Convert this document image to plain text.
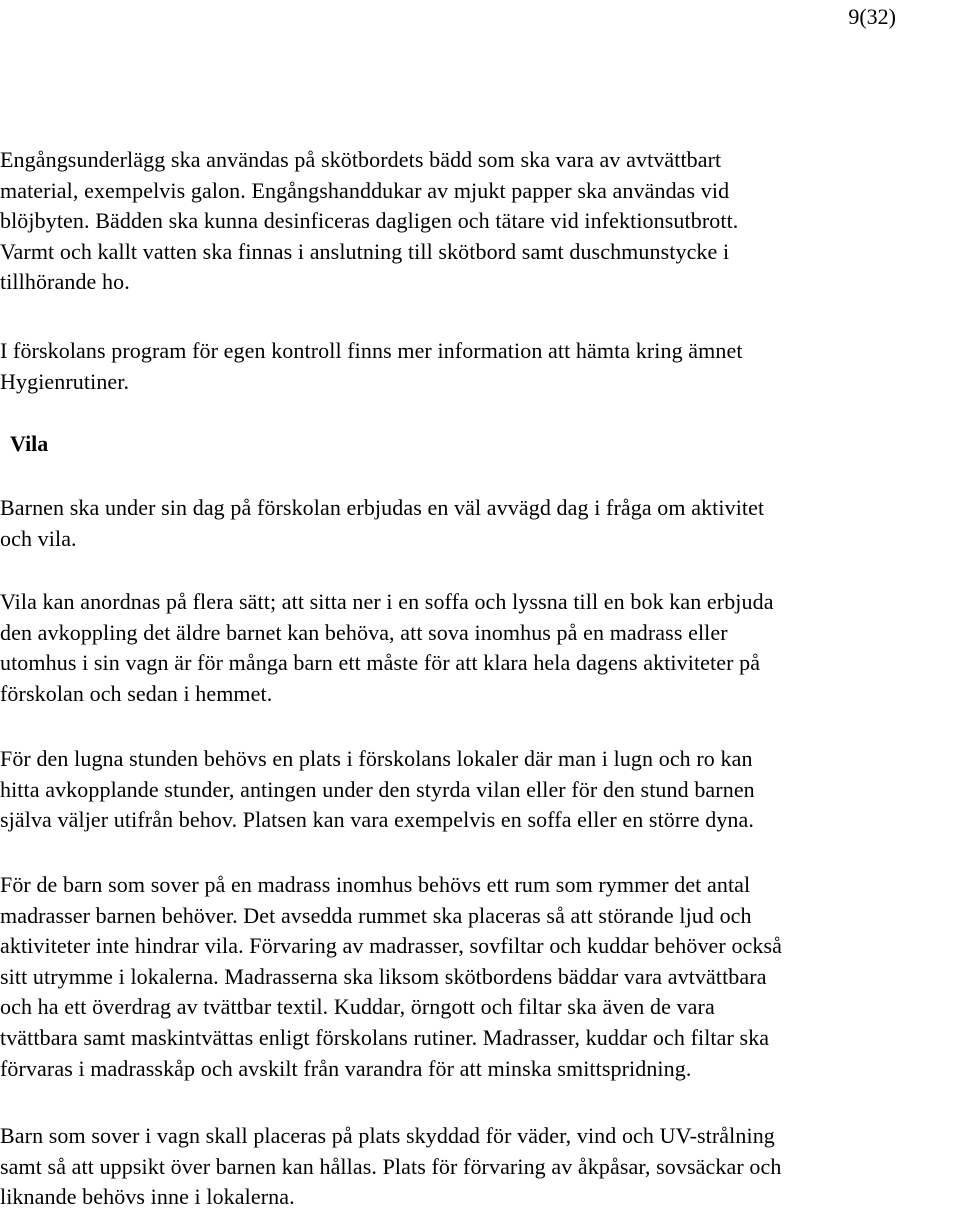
9(32)
Engångsunderlägg ska användas på skötbordets bädd som ska vara av avtvättbart
material, exempelvis galon. Engångshanddukar av mjukt papper ska användas vid
blöjbyten. Bädden ska kunna desinficeras dagligen och tätare vid infektionsutbrott.
Varmt och kallt vatten ska finnas i anslutning till skötbord samt duschmunstycke i
tillhörande ho.
I förskolans program för egen kontroll finns mer information att hämta kring ämnet
Hygienrutiner.
Vila
Barnen ska under sin dag på förskolan erbjudas en väl avvägd dag i fråga om aktivitet
och vila.
Vila kan anordnas på flera sätt; att sitta ner i en soffa och lyssna till en bok kan erbjuda
den avkoppling det äldre barnet kan behöva, att sova inomhus på en madrass eller
utomhus i sin vagn är för många barn ett måste för att klara hela dagens aktiviteter på
förskolan och sedan i hemmet.
För den lugna stunden behövs en plats i förskolans lokaler där man i lugn och ro kan
hitta avkopplande stunder, antingen under den styrda vilan eller för den stund barnen
själva väljer utifrån behov. Platsen kan vara exempelvis en soffa eller en större dyna.
För de barn som sover på en madrass inomhus behövs ett rum som rymmer det antal
madrasser barnen behöver. Det avsedda rummet ska placeras så att störande ljud och
aktiviteter inte hindrar vila. Förvaring av madrasser, sovfiltar och kuddar behöver också
sitt utrymme i lokalerna. Madrasserna ska liksom skötbordens bäddar vara avtvättbara
och ha ett överdrag av tvättbar textil. Kuddar, örngott och filtar ska även de vara
tvättbara samt maskintvättas enligt förskolans rutiner. Madrasser, kuddar och filtar ska
förvaras i madrasskåp och avskilt från varandra för att minska smittspridning.
Barn som sover i vagn skall placeras på plats skyddad för väder, vind och UV-strålning
samt så att uppsikt över barnen kan hållas. Plats för förvaring av åkpåsar, sovsäckar och
liknande behövs inne i lokalerna.
